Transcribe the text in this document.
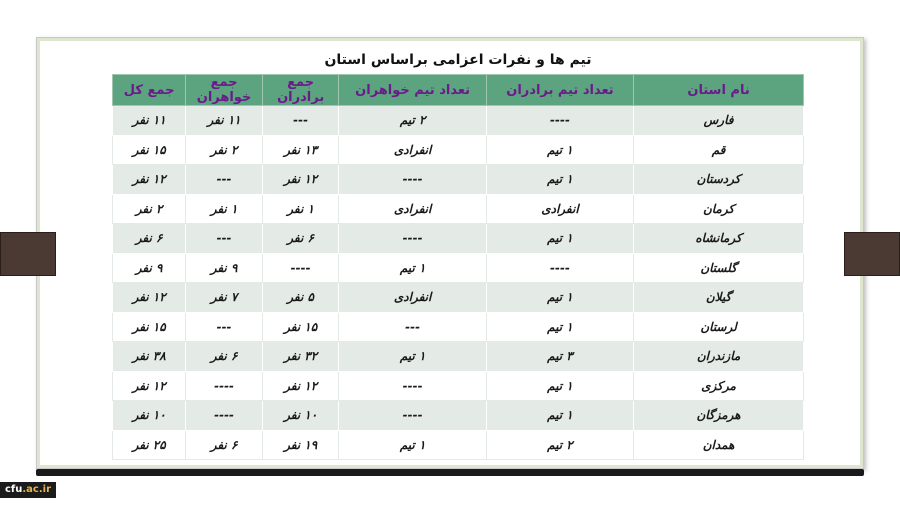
cfu.ac.ir
تیم ها و نفرات اعزامی براساس استان
نام استان	تعداد تیم برادران	تعداد تیم خواهران	جمع برادران	جمع خواهران	جمع کل
فارس	----	۲ تیم	---	۱۱ نفر	۱۱ نفر
قم	۱ تیم	انفرادی	۱۳ نفر	۲ نفر	۱۵ نفر
کردستان	۱ تیم	----	۱۲ نفر	---	۱۲ نفر
کرمان	انفرادی	انفرادی	۱ نفر	۱ نفر	۲ نفر
کرمانشاه	۱ تیم	----	۶ نفر	---	۶ نفر
گلستان	----	۱ تیم	----	۹ نفر	۹ نفر
گیلان	۱ تیم	انفرادی	۵ نفر	۷ نفر	۱۲ نفر
لرستان	۱ تیم	---	۱۵ نفر	---	۱۵ نفر
مازندران	۳ تیم	۱ تیم	۳۲ نفر	۶ نفر	۳۸ نفر
مرکزی	۱ تیم	----	۱۲ نفر	----	۱۲ نفر
هرمزگان	۱ تیم	----	۱۰ نفر	----	۱۰ نفر
همدان	۲ تیم	۱ تیم	۱۹ نفر	۶ نفر	۲۵ نفر
